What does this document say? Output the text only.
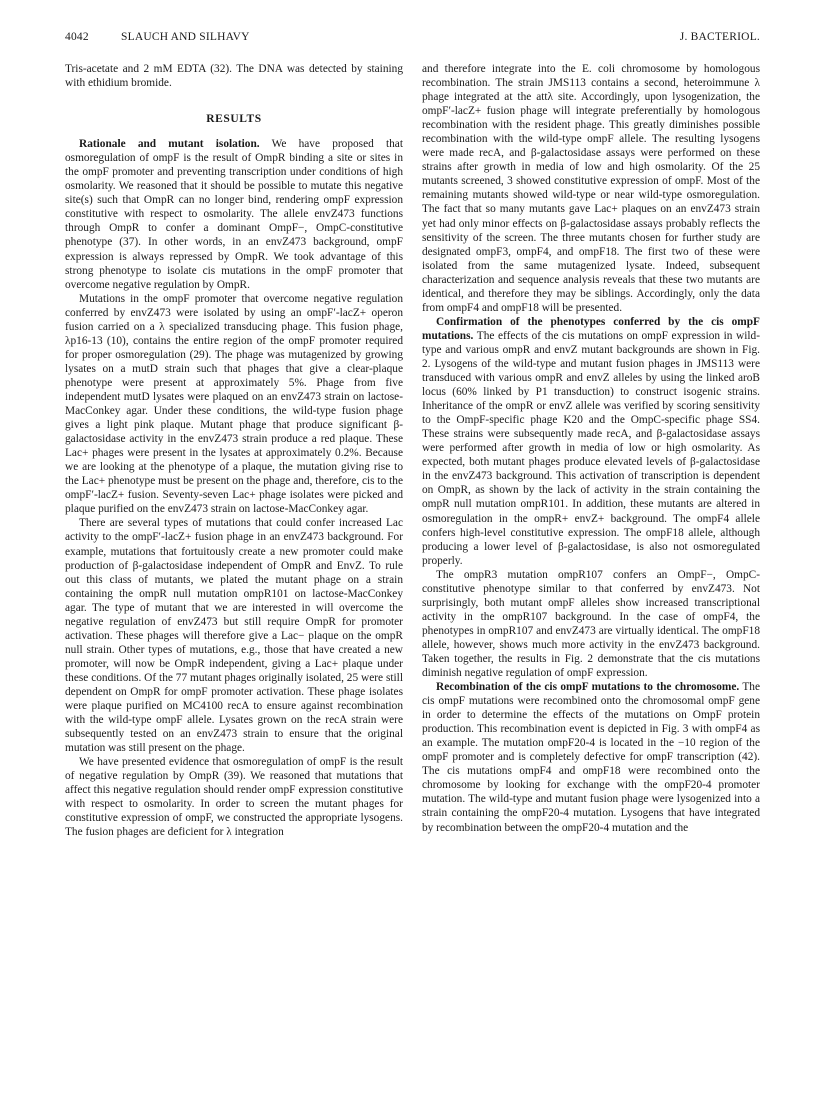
4042	SLAUCH AND SILHAVY	J. BACTERIOL.

Tris-acetate and 2 mM EDTA (32). The DNA was detected by staining with ethidium bromide.

RESULTS

Rationale and mutant isolation. We have proposed that osmoregulation of ompF is the result of OmpR binding a site or sites in the ompF promoter and preventing transcription under conditions of high osmolarity. We reasoned that it should be possible to mutate this negative site(s) such that OmpR can no longer bind, rendering ompF expression constitutive with respect to osmolarity. The allele envZ473 functions through OmpR to confer a dominant OmpF−, OmpC-constitutive phenotype (37). In other words, in an envZ473 background, ompF expression is always repressed by OmpR. We took advantage of this strong phenotype to isolate cis mutations in the ompF promoter that overcome negative regulation by OmpR.

Mutations in the ompF promoter that overcome negative regulation conferred by envZ473 were isolated by using an ompF′-lacZ+ operon fusion carried on a λ specialized transducing phage. This fusion phage, λp16-13 (10), contains the entire region of the ompF promoter required for proper osmoregulation (29). The phage was mutagenized by growing lysates on a mutD strain such that phages that give a clear-plaque phenotype were present at approximately 5%. Phage from five independent mutD lysates were plaqued on an envZ473 strain on lactose-MacConkey agar. Under these conditions, the wild-type fusion phage gives a light pink plaque. Mutant phage that produce significant β-galactosidase activity in the envZ473 strain produce a red plaque. These Lac+ phages were present in the lysates at approximately 0.2%. Because we are looking at the phenotype of a plaque, the mutation giving rise to the Lac+ phenotype must be present on the phage and, therefore, cis to the ompF′-lacZ+ fusion. Seventy-seven Lac+ phage isolates were picked and plaque purified on the envZ473 strain on lactose-MacConkey agar.

There are several types of mutations that could confer increased Lac activity to the ompF′-lacZ+ fusion phage in an envZ473 background. For example, mutations that fortuitously create a new promoter could make production of β-galactosidase independent of OmpR and EnvZ. To rule out this class of mutants, we plated the mutant phage on a strain containing the ompR null mutation ompR101 on lactose-MacConkey agar. The type of mutant that we are interested in will overcome the negative regulation of envZ473 but still require OmpR for promoter activation. These phages will therefore give a Lac− plaque on the ompR null strain. Other types of mutations, e.g., those that have created a new promoter, will now be OmpR independent, giving a Lac+ plaque under these conditions. Of the 77 mutant phages originally isolated, 25 were still dependent on OmpR for ompF promoter activation. These phage isolates were plaque purified on MC4100 recA to ensure against recombination with the wild-type ompF allele. Lysates grown on the recA strain were subsequently tested on an envZ473 strain to ensure that the original mutation was still present on the phage.

We have presented evidence that osmoregulation of ompF is the result of negative regulation by OmpR (39). We reasoned that mutations that affect this negative regulation should render ompF expression constitutive with respect to osmolarity. In order to screen the mutant phages for constitutive expression of ompF, we constructed the appropriate lysogens. The fusion phages are deficient for λ integration

and therefore integrate into the E. coli chromosome by homologous recombination. The strain JMS113 contains a second, heteroimmune λ phage integrated at the attλ site. Accordingly, upon lysogenization, the ompF′-lacZ+ fusion phage will integrate preferentially by homologous recombination with the resident phage. This greatly diminishes possible recombination with the wild-type ompF allele. The resulting lysogens were made recA, and β-galactosidase assays were performed on these strains after growth in media of low and high osmolarity. Of the 25 mutants screened, 3 showed constitutive expression of ompF. Most of the remaining mutants showed wild-type or near wild-type osmoregulation. The fact that so many mutants gave Lac+ plaques on an envZ473 strain yet had only minor effects on β-galactosidase assays probably reflects the sensitivity of the screen. The three mutants chosen for further study are designated ompF3, ompF4, and ompF18. The first two of these were isolated from the same mutagenized lysate. Indeed, subsequent characterization and sequence analysis reveals that these two mutants are identical, and therefore they may be siblings. Accordingly, only the data from ompF4 and ompF18 will be presented.

Confirmation of the phenotypes conferred by the cis ompF mutations. The effects of the cis mutations on ompF expression in wild-type and various ompR and envZ mutant backgrounds are shown in Fig. 2. Lysogens of the wild-type and mutant fusion phages in JMS113 were transduced with various ompR and envZ alleles by using the linked aroB locus (60% linked by P1 transduction) to construct isogenic strains. Inheritance of the ompR or envZ allele was verified by scoring sensitivity to the OmpF-specific phage K20 and the OmpC-specific phage SS4. These strains were subsequently made recA, and β-galactosidase assays were performed after growth in media of low or high osmolarity. As expected, both mutant phages produce elevated levels of β-galactosidase in the envZ473 background. This activation of transcription is dependent on OmpR, as shown by the lack of activity in the strain containing the ompR null mutation ompR101. In addition, these mutants are altered in osmoregulation in the ompR+ envZ+ background. The ompF4 allele confers high-level constitutive expression. The ompF18 allele, although producing a lower level of β-galactosidase, is also not osmoregulated properly.

The ompR3 mutation ompR107 confers an OmpF−, OmpC-constitutive phenotype similar to that conferred by envZ473. Not surprisingly, both mutant ompF alleles show increased transcriptional activity in the ompR107 background. In the case of ompF4, the phenotypes in ompR107 and envZ473 are virtually identical. The ompF18 allele, however, shows much more activity in the envZ473 background. Taken together, the results in Fig. 2 demonstrate that the cis mutations diminish negative regulation of ompF expression.

Recombination of the cis ompF mutations to the chromosome. The cis ompF mutations were recombined onto the chromosomal ompF gene in order to determine the effects of the mutations on OmpF protein production. This recombination event is depicted in Fig. 3 with ompF4 as an example. The mutation ompF20-4 is located in the −10 region of the ompF promoter and is completely defective for ompF transcription (42). The cis mutations ompF4 and ompF18 were recombined onto the chromosome by looking for exchange with the ompF20-4 promoter mutation. The wild-type and mutant fusion phage were lysogenized into a strain containing the ompF20-4 mutation. Lysogens that have integrated by recombination between the ompF20-4 mutation and the
